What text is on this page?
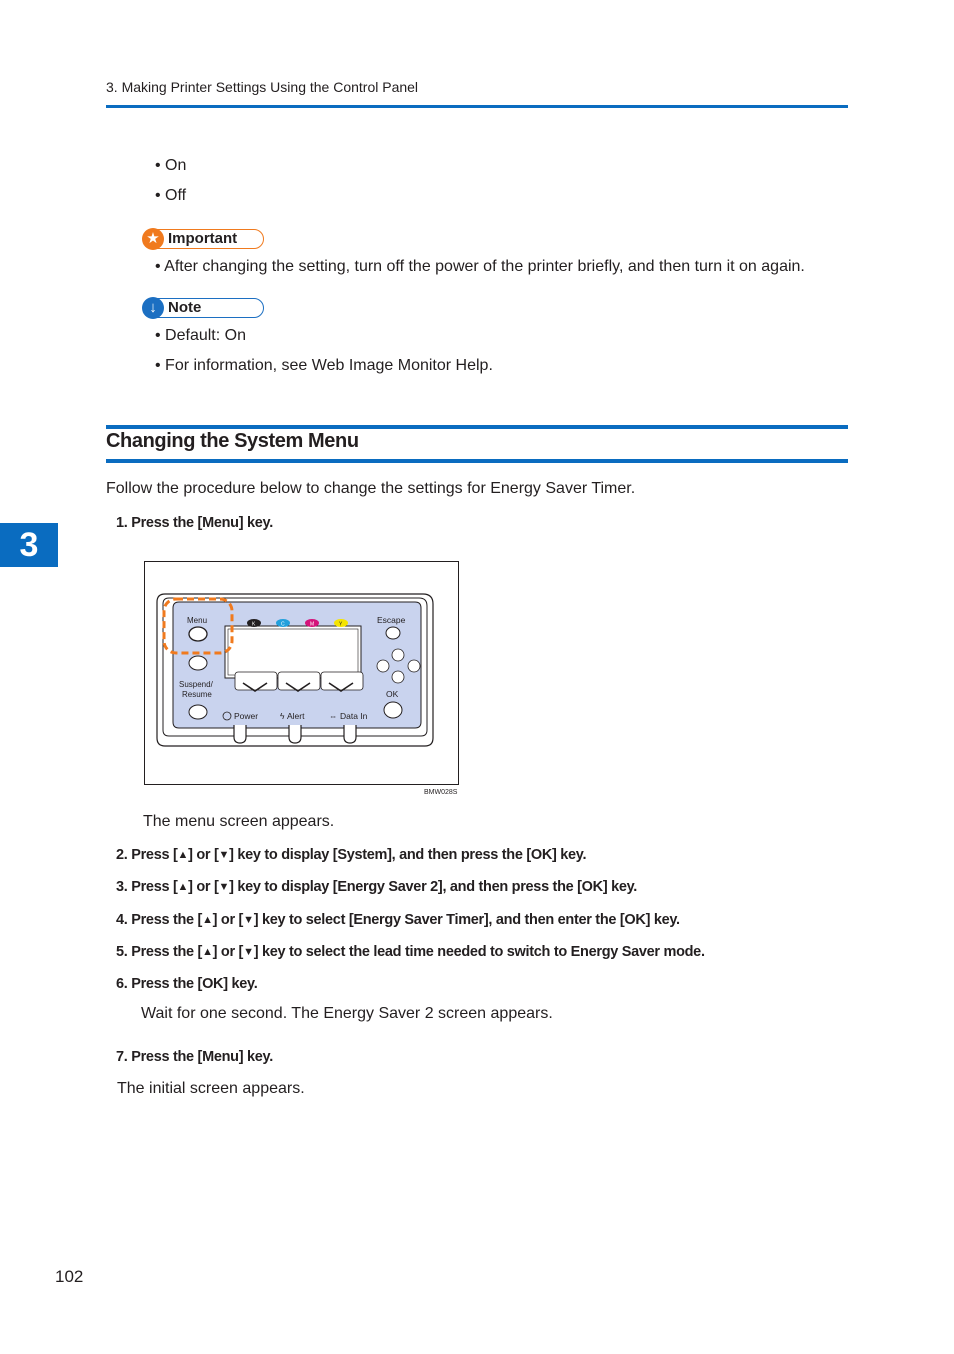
3. Making Printer Settings Using the Control Panel
• On
• Off
★ Important
• After changing the setting, turn off the power of the printer briefly, and then turn it on again.
↓ Note
• Default: On
• For information, see Web Image Monitor Help.
Changing the System Menu
Follow the procedure below to change the settings for Energy Saver Timer.
3
1. Press the [Menu] key.
K	C	M	Y
Menu
Suspend/
Resume
Escape
OK
Power	ϟ Alert	⇔ Data In
BMW028S
The menu screen appears.
2. Press [▲] or [▼] key to display [System], and then press the [OK] key.
3. Press [▲] or [▼] key to display [Energy Saver 2], and then press the [OK] key.
4. Press the [▲] or [▼] key to select [Energy Saver Timer], and then enter the [OK] key.
5. Press the [▲] or [▼] key to select the lead time needed to switch to Energy Saver mode.
6. Press the [OK] key.
Wait for one second. The Energy Saver 2 screen appears.
7. Press the [Menu] key.
The initial screen appears.
102
